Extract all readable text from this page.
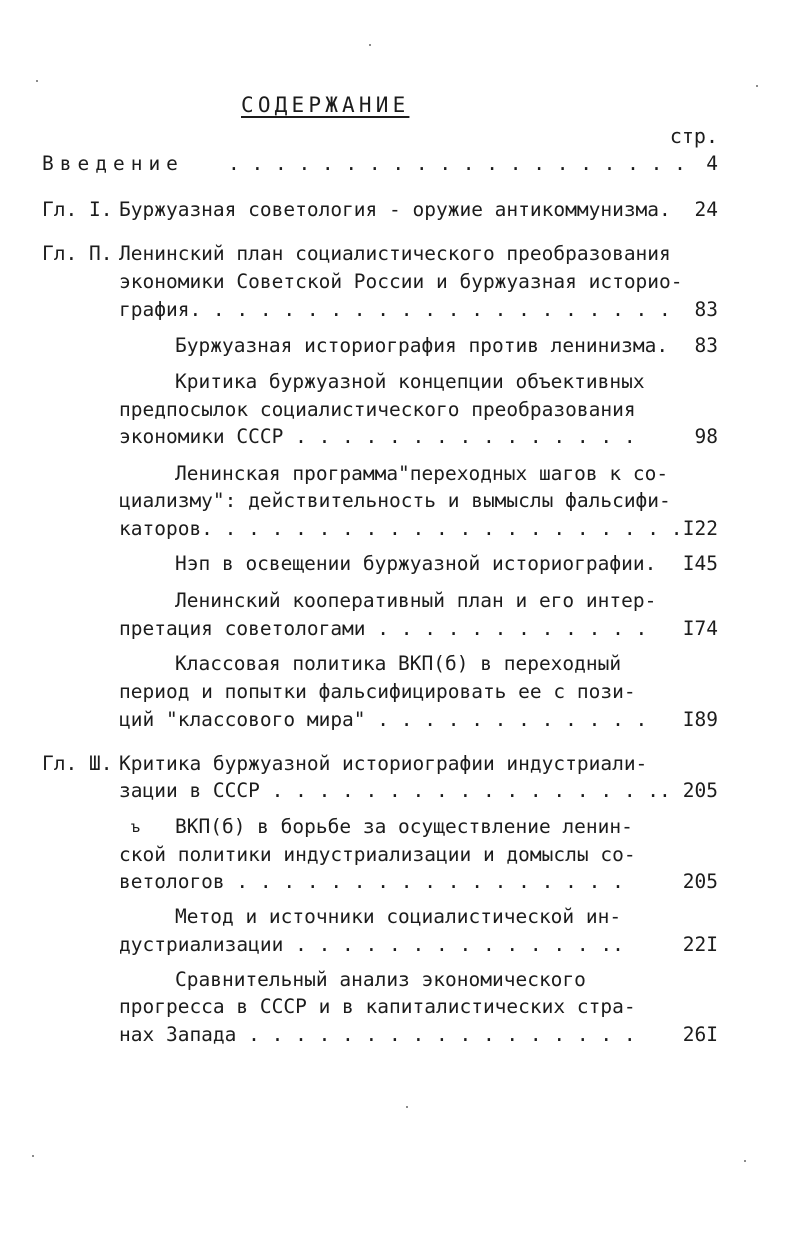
СОДЕРЖАНИЕ
стр.
Введение . . . . . . . . . . . . . . . . . . . . 4
Гл. I. Буржуазная советология - оружие антикоммунизма. 24
Гл. П. Ленинский план социалистического преобразования
экономики Советской России и буржуазная историо-
графия. . . . . . . . . . . . . . . . . . . . . 83
Буржуазная историография против ленинизма. 83
Критика буржуазной концепции объективных
предпосылок социалистического преобразования
экономики СССР . . . . . . . . . . . . . . .	98
Ленинская программа"переходных шагов к со-
циализму": действительность и вымыслы фальсифи-
каторов. . . . . . . . . . . . . . . . . . . . . I22
Нэп в освещении буржуазной историографии. I45
Ленинский кооперативный план и его интер-
претация советологами . . . . . . . . . . . . I74
Классовая политика ВКП(б) в переходный
период и попытки фальсифицировать ее с пози-
ций "классового мира" . . . . . . . . . . . . I89
Гл. Ш. Критика буржуазной историографии индустриали-
зации в СССР . . . . . . . . . . . . . . . . .. 205
ъ ВКП(б) в борьбе за осуществление ленин-
ской политики индустриализации и домыслы со-
ветологов . . . . . . . . . . . . . . . . .	205
Метод и источники социалистической ин-
дустриализации . . . . . . . . . . . . . ..	22I
Сравнительный анализ экономического
прогресса в СССР и в капиталистических стра-
нах Запада . . . . . . . . . . . . . . . . . 26I
